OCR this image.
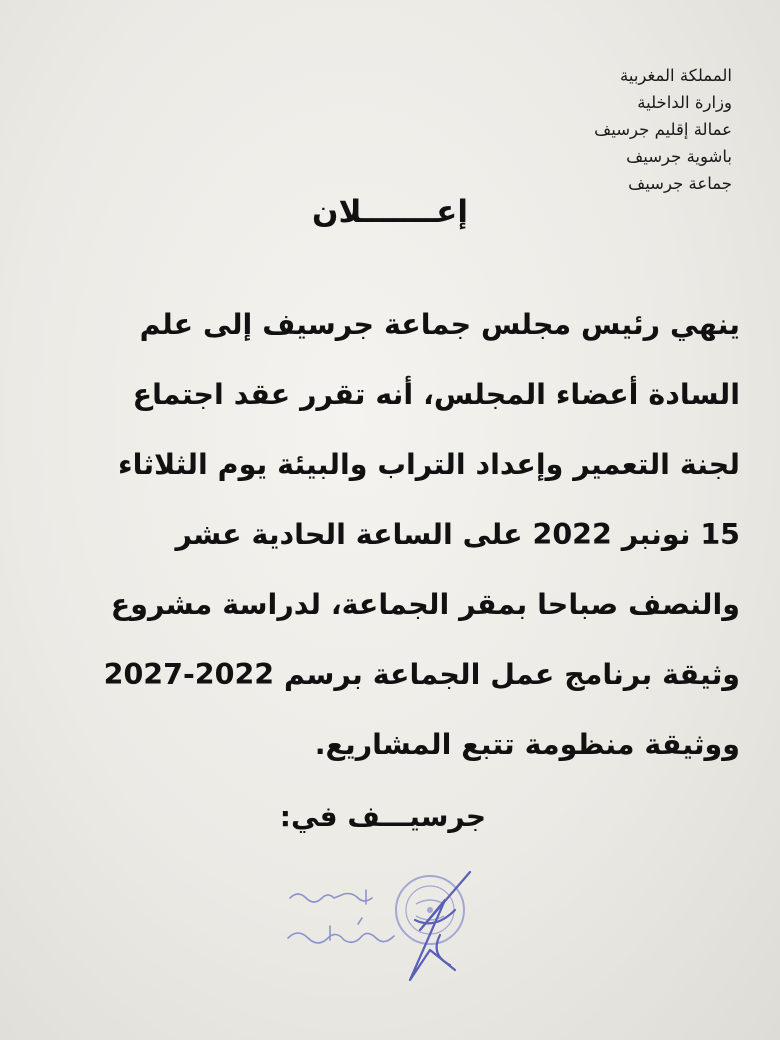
المملكة المغربية
وزارة الداخلية
عمالة إقليم جرسيف
باشوية جرسيف
جماعة جرسيف
إعـــــــلان
ينهي رئيس مجلس جماعة جرسيف إلى علم
السادة أعضاء المجلس، أنه تقرر عقد اجتماع
لجنة التعمير وإعداد التراب والبيئة يوم الثلاثاء
15 نونبر 2022 على الساعة الحادية عشر
والنصف صباحا بمقر الجماعة، لدراسة مشروع
وثيقة برنامج عمل الجماعة برسم 2022-2027
ووثيقة منظومة تتبع المشاريع.
جرسيـــف في:
